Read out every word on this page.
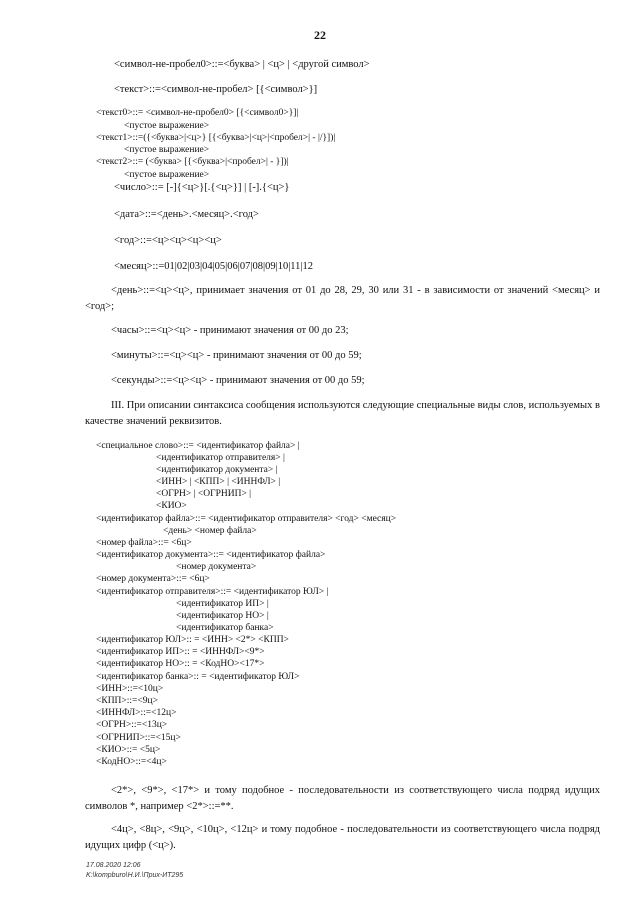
22
<символ-не-пробел0>::=<буква> | <ц> | <другой символ>
<текст>::=<символ-не-пробел> [{<символ>}]
<текст0>::= <символ-не-пробел0> [{<символ0>}]|
<пустое выражение>
<текст1>::=({<буква>|<ц>} [{<буква>|<ц>|<пробел>| - |/}])|
<пустое выражение>
<текст2>::= (<буква> [{<буква>|<пробел>| - }])|
<пустое выражение>
<число>::= [-]{<ц>}[.{<ц>}] | [-].{<ц>}
<дата>::=<день>.<месяц>.<год>
<год>::=<ц><ц><ц><ц>
<месяц>::=01|02|03|04|05|06|07|08|09|10|11|12
<день>::=<ц><ц>, принимает значения от 01 до 28, 29, 30 или 31 - в зависимости от значений <месяц> и <год>;
<часы>::=<ц><ц> - принимают значения от 00 до 23;
<минуты>::=<ц><ц> - принимают значения от 00 до 59;
<секунды>::=<ц><ц> - принимают значения от 00 до 59;
III. При описании синтаксиса сообщения используются следующие специальные виды слов, используемых в качестве значений реквизитов.
<специальное слово>::= <идентификатор файла> |
<идентификатор отправителя> |
<идентификатор документа> |
<ИНН> | <КПП> | <ИННФЛ> |
<ОГРН> | <ОГРНИП> |
<КИО>
<идентификатор файла>::= <идентификатор отправителя> <год> <месяц>
<день> <номер файла>
<номер файла>::= <6ц>
<идентификатор документа>::= <идентификатор файла>
<номер документа>
<номер документа>::= <6ц>
<идентификатор отправителя>::= <идентификатор ЮЛ> |
<идентификатор ИП> |
<идентификатор НО> |
<идентификатор банка>
<идентификатор ЮЛ>:: = <ИНН> <2*> <КПП>
<идентификатор ИП>:: = <ИННФЛ><9*>
<идентификатор НО>:: = <КодНО><17*>
<идентификатор банка>:: = <идентификатор ЮЛ>
<ИНН>::=<10ц>
<КПП>::=<9ц>
<ИННФЛ>::=<12ц>
<ОГРН>::=<13ц>
<ОГРНИП>::=<15ц>
<КИО>::= <5ц>
<КодНО>::=<4ц>
<2*>, <9*>, <17*> и тому подобное - последовательности из соответствующего числа подряд идущих символов *, например <2*>::=**.
<4ц>, <8ц>, <9ц>, <10ц>, <12ц> и тому подобное - последовательности из соответствующего числа подряд идущих цифр (<ц>).
17.08.2020 12:06
K:\kompburo\Н.И.\Приx-ИТ295
